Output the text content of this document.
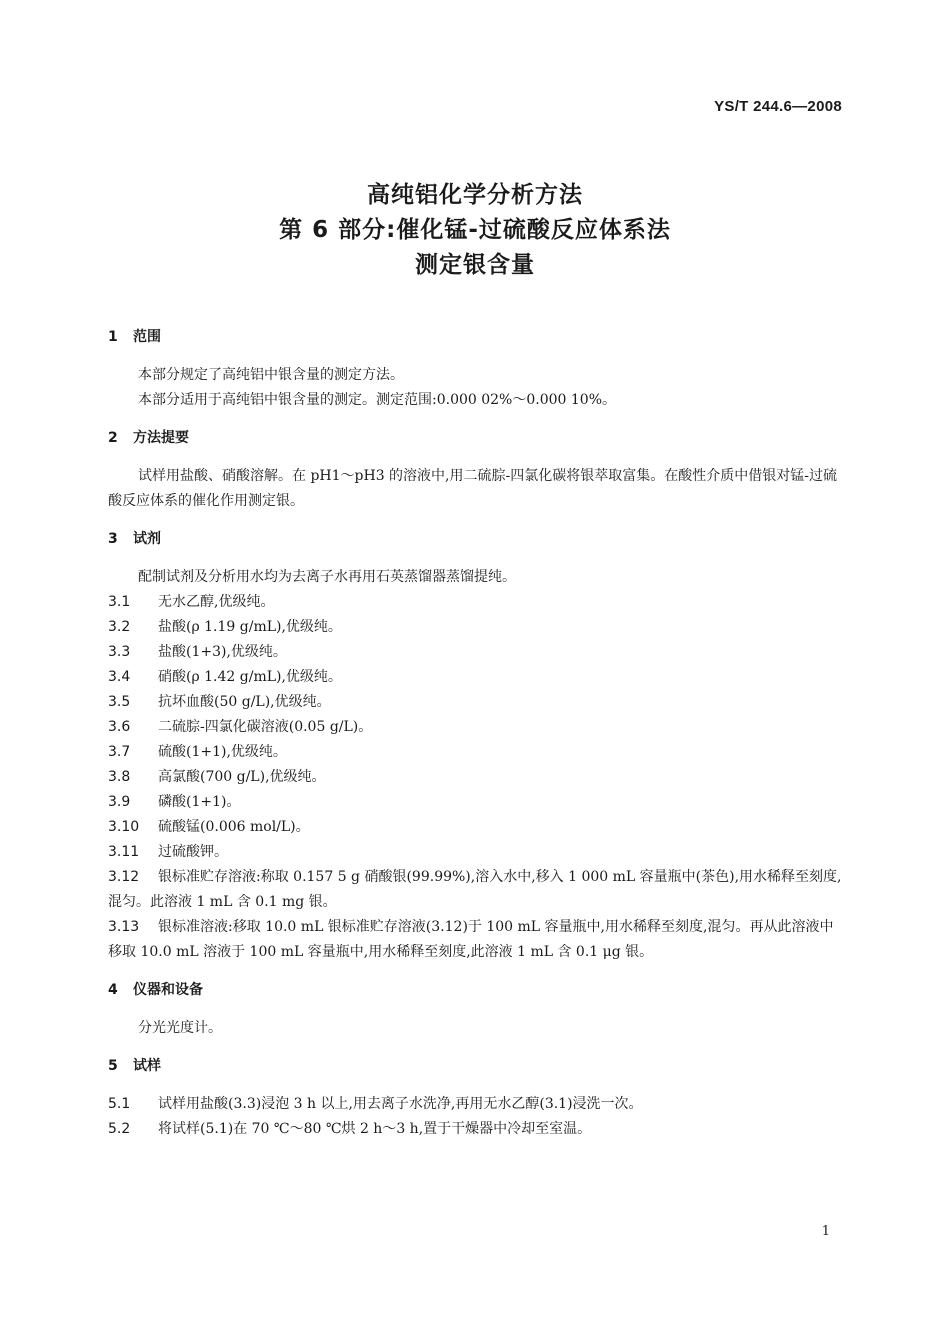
YS/T 244.6—2008
高纯铝化学分析方法
第 6 部分:催化锰-过硫酸反应体系法
测定银含量
1 范围

本部分规定了高纯铝中银含量的测定方法。

本部分适用于高纯铝中银含量的测定。测定范围:0.000 02%～0.000 10%。

2 方法提要

试样用盐酸、硝酸溶解。在 pH1～pH3 的溶液中,用二硫腙-四氯化碳将银萃取富集。在酸性介质中借银对锰-过硫酸反应体系的催化作用测定银。

3 试剂

配制试剂及分析用水均为去离子水再用石英蒸馏器蒸馏提纯。

3.1 无水乙醇,优级纯。

3.2 盐酸(ρ 1.19 g/mL),优级纯。

3.3 盐酸(1+3),优级纯。

3.4 硝酸(ρ 1.42 g/mL),优级纯。

3.5 抗坏血酸(50 g/L),优级纯。

3.6 二硫腙-四氯化碳溶液(0.05 g/L)。

3.7 硫酸(1+1),优级纯。

3.8 高氯酸(700 g/L),优级纯。

3.9 磷酸(1+1)。

3.10 硫酸锰(0.006 mol/L)。

3.11 过硫酸钾。

3.12 银标准贮存溶液:称取 0.157 5 g 硝酸银(99.99%),溶入水中,移入 1 000 mL 容量瓶中(茶色),用水稀释至刻度,混匀。此溶液 1 mL 含 0.1 mg 银。

3.13 银标准溶液:移取 10.0 mL 银标准贮存溶液(3.12)于 100 mL 容量瓶中,用水稀释至刻度,混匀。再从此溶液中移取 10.0 mL 溶液于 100 mL 容量瓶中,用水稀释至刻度,此溶液 1 mL 含 0.1 μg 银。

4 仪器和设备

分光光度计。

5 试样

5.1 试样用盐酸(3.3)浸泡 3 h 以上,用去离子水洗净,再用无水乙醇(3.1)浸洗一次。

5.2 将试样(5.1)在 70 ℃～80 ℃烘 2 h～3 h,置于干燥器中冷却至室温。

1
